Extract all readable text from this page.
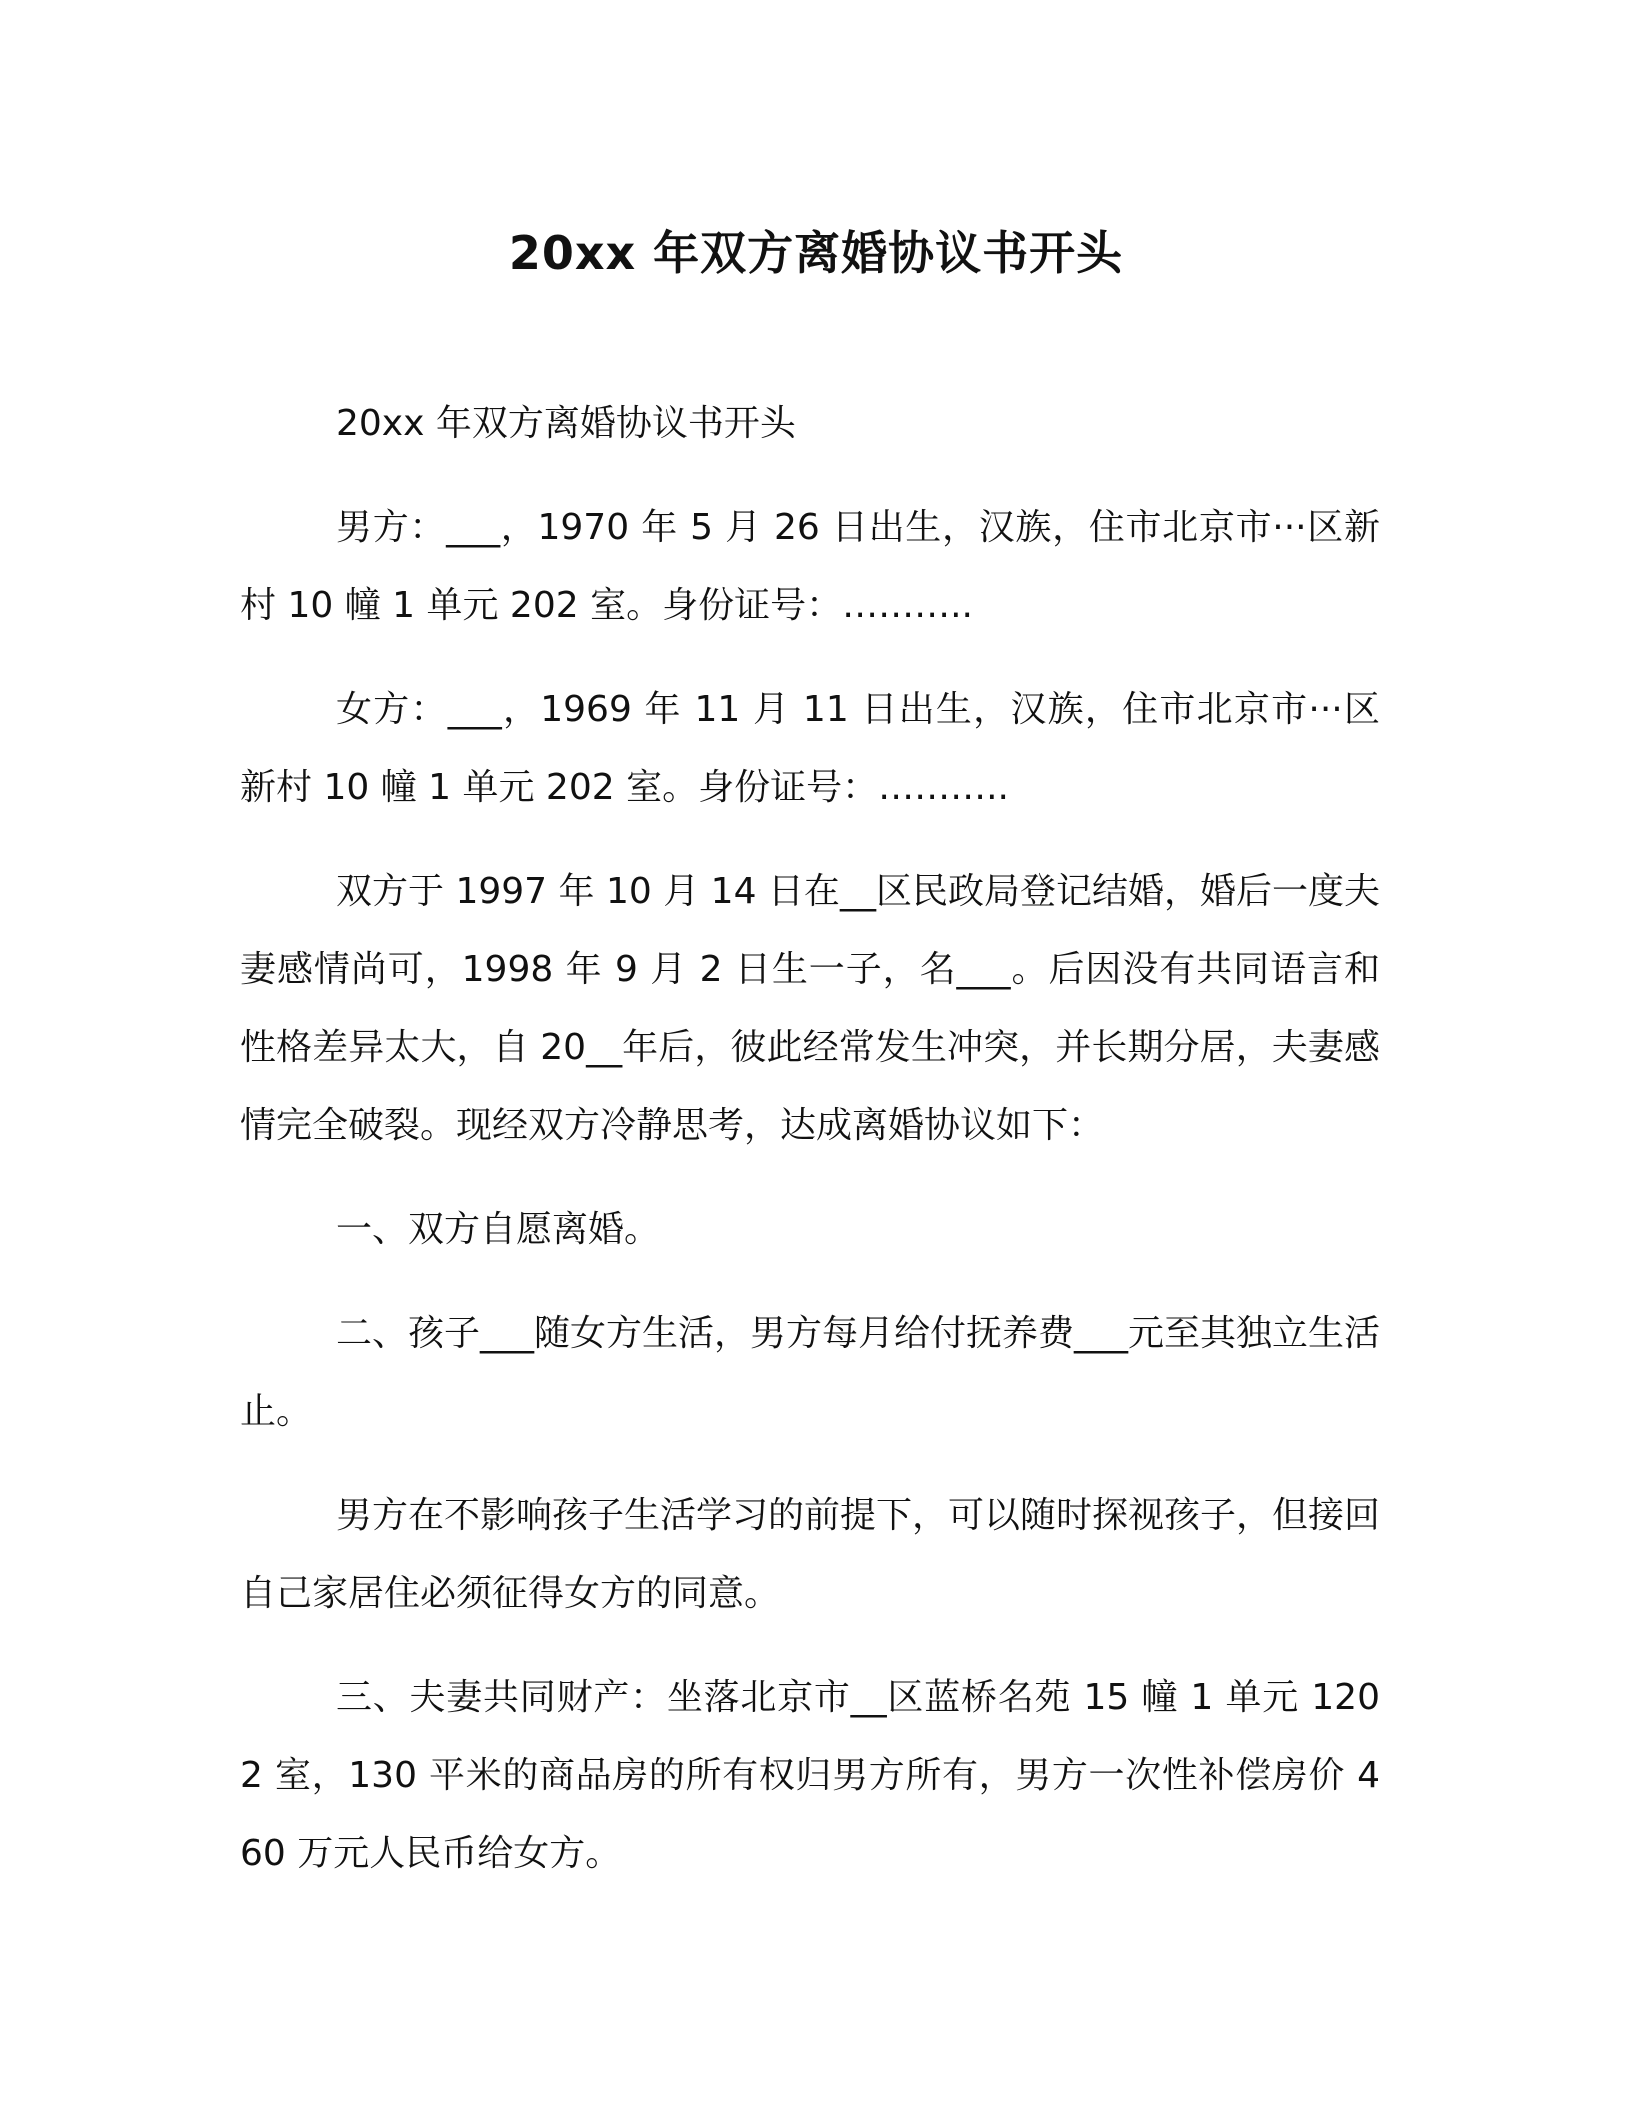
20xx 年双方离婚协议书开头

20xx 年双方离婚协议书开头

男方：___，1970 年 5 月 26 日出生，汉族，住市北京市···区新村 10 幢 1 单元 202 室。身份证号：………..

女方：___，1969 年 11 月 11 日出生，汉族，住市北京市···区新村 10 幢 1 单元 202 室。身份证号：………..

双方于 1997 年 10 月 14 日在__区民政局登记结婚，婚后一度夫妻感情尚可，1998 年 9 月 2 日生一子，名___。后因没有共同语言和性格差异太大，自 20__年后，彼此经常发生冲突，并长期分居，夫妻感情完全破裂。现经双方冷静思考，达成离婚协议如下：

一、双方自愿离婚。

二、孩子___随女方生活，男方每月给付抚养费___元至其独立生活止。

男方在不影响孩子生活学习的前提下，可以随时探视孩子，但接回自己家居住必须征得女方的同意。

三、夫妻共同财产：坐落北京市__区蓝桥名苑 15 幢 1 单元 1202 室，130 平米的商品房的所有权归男方所有，男方一次性补偿房价 460 万元人民币给女方。
